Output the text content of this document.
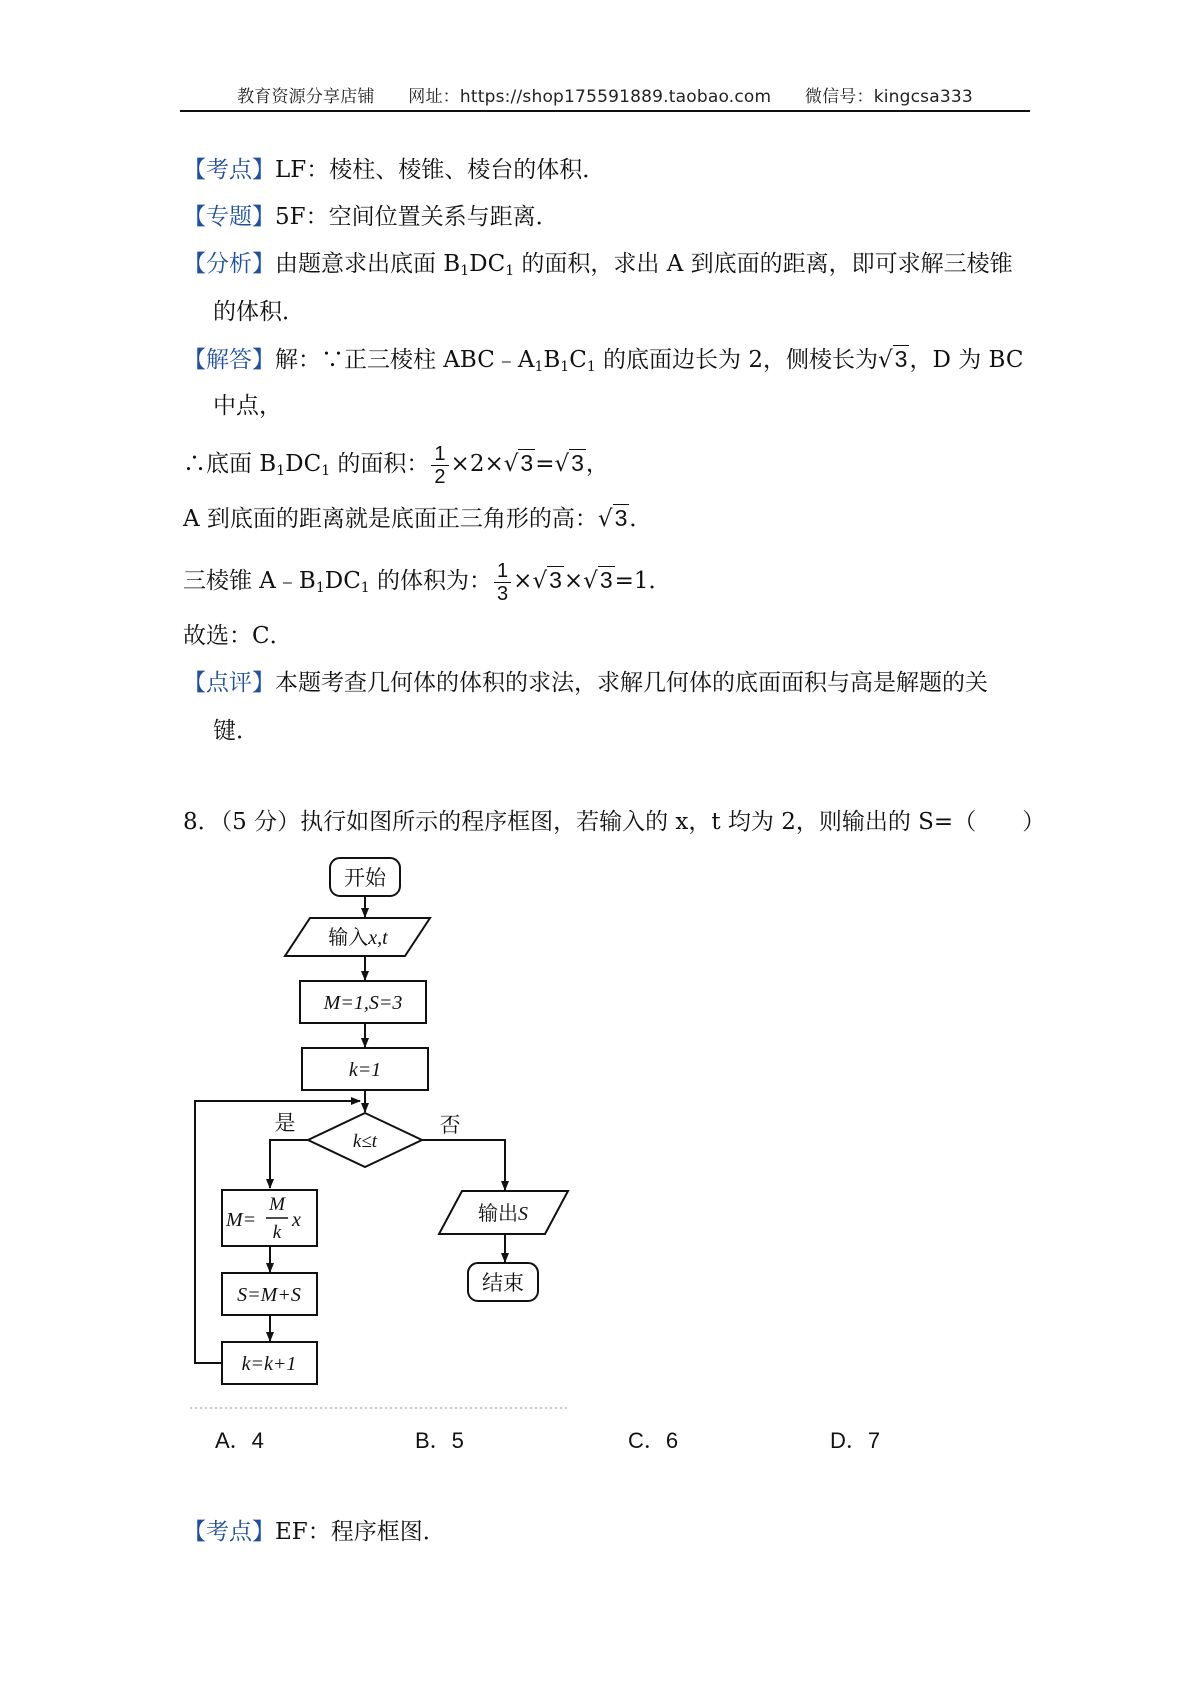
教育资源分享店铺 网址：https://shop175591889.taobao.com 微信号：kingcsa333
【考点】LF：棱柱、棱锥、棱台的体积．
【专题】5F：空间位置关系与距离．
【分析】由题意求出底面 $B_1DC_1$ 的面积，求出 A 到底面的距离，即可求解三棱锥
的体积．
【解答】解：∵正三棱柱 $ABC﹣A_1B_1C_1$ 的底面边长为 2，侧棱长为√3，D 为 BC
中点，
∴底面 $B_1DC_1$ 的面积： $\frac{1}{2} \times 2\times√3=√3$，
A 到底面的距离就是底面正三角形的高：√3．
三棱锥 $A﹣B_1DC_1$ 的体积为： $\frac{1}{3} \times√3\times√3=1$．
故选：C．
【点评】本题考查几何体的体积的求法，求解几何体的底面面积与高是解题的关
键．
8．（5 分）执行如图所示的程序框图，若输入的 x，t 均为 2，则输出的 S=（　　）
开始
输入x,t
M=1,S=3
k=1
k≤t
是	否
M=
M
k
x
S=M+S
k=k+1
输出S
结束
A．4	B．5	C．6	D．7
【考点】EF：程序框图．
